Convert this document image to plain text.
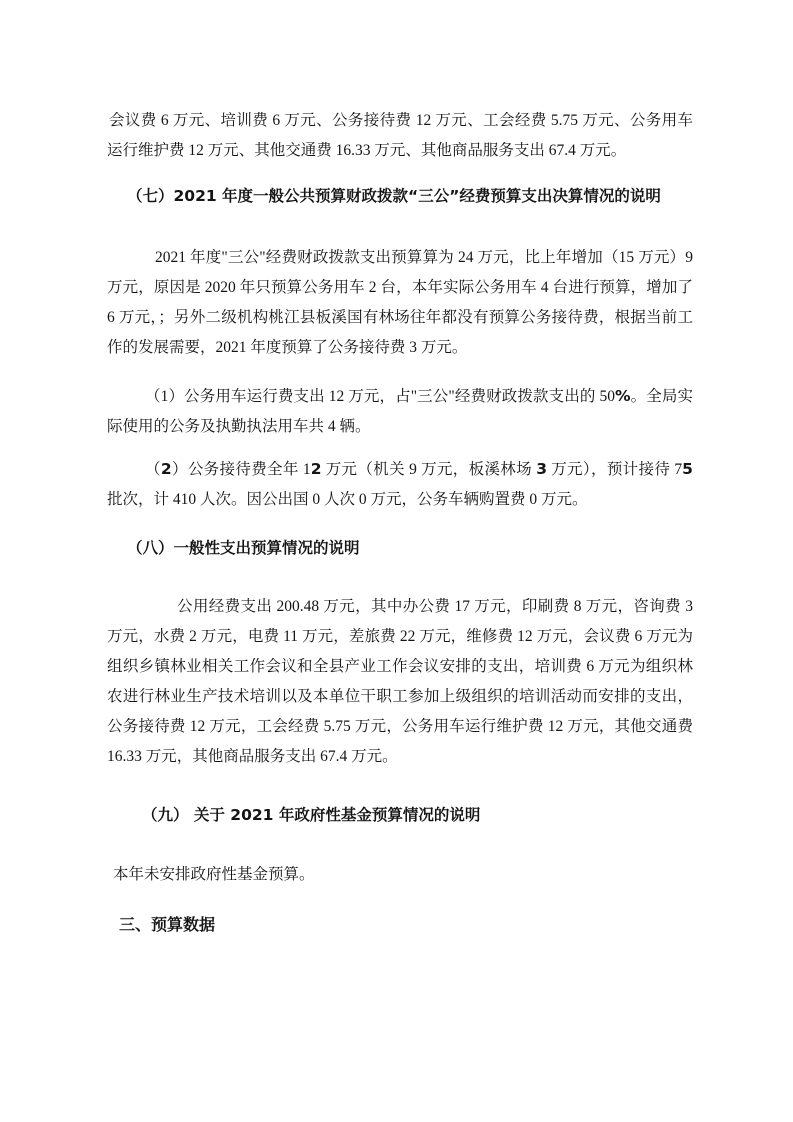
会议费 6 万元、培训费 6 万元、公务接待费 12 万元、工会经费 5.75 万元、公务用车运行维护费 12 万元、其他交通费 16.33 万元、其他商品服务支出 67.4 万元。

（七）2021 年度一般公共预算财政拨款“三公”经费预算支出决算情况的说明

2021 年度"三公"经费财政拨款支出预算算为 24 万元，比上年增加（15 万元）9 万元，原因是 2020 年只预算公务用车 2 台，本年实际公务用车 4 台进行预算，增加了 6 万元，；另外二级机构桃江县板溪国有林场往年都没有预算公务接待费，根据当前工作的发展需要，2021 年度预算了公务接待费 3 万元。

（1）公务用车运行费支出 12 万元，占"三公"经费财政拨款支出的 50%。全局实际使用的公务及执勤执法用车共 4 辆。

（2）公务接待费全年 12 万元（机关 9 万元，板溪林场 3 万元），预计接待 75 批次，计 410 人次。因公出国 0 人次 0 万元，公务车辆购置费 0 万元。

（八）一般性支出预算情况的说明

公用经费支出 200.48 万元，其中办公费 17 万元，印刷费 8 万元，咨询费 3 万元，水费 2 万元，电费 11 万元，差旅费 22 万元，维修费 12 万元，会议费 6 万元为组织乡镇林业相关工作会议和全县产业工作会议安排的支出，培训费 6 万元为组织林农进行林业生产技术培训以及本单位干职工参加上级组织的培训活动而安排的支出，公务接待费 12 万元，工会经费 5.75 万元，公务用车运行维护费 12 万元，其他交通费 16.33 万元，其他商品服务支出 67.4 万元。

（九） 关于 2021 年政府性基金预算情况的说明

本年未安排政府性基金预算。

三、预算数据
